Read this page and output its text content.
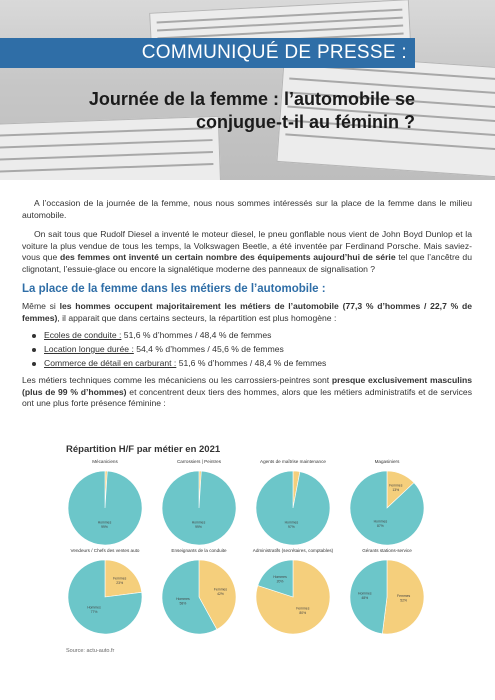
COMMUNIQUÉ DE PRESSE :
Journée de la femme : l’automobile se
conjugue-t-il au féminin ?

A l’occasion de la journée de la femme, nous nous sommes intéressés sur la place de la femme dans le milieu automobile.

On sait tous que Rudolf Diesel a inventé le moteur diesel, le pneu gonflable nous vient de John Boyd Dunlop et la voiture la plus vendue de tous les temps, la Volkswagen Beetle, a été inventée par Ferdinand Porsche. Mais saviez-vous que des femmes ont inventé un certain nombre des équipements aujourd’hui de série tel que l’ancêtre du clignotant, l’essuie-glace ou encore la signalétique moderne des panneaux de signalisation ?

La place de la femme dans les métiers de l’automobile :

Même si les hommes occupent majoritairement les métiers de l’automobile (77,3 % d’hommes / 22,7 % de femmes), il apparait que dans certains secteurs, la répartition est plus homogène :

Ecoles de conduite : 51,6 % d’hommes / 48,4 % de femmes
Location longue durée : 54,4 % d’hommes / 45,6 % de femmes
Commerce de détail en carburant : 51,6 % d’hommes / 48,4 % de femmes

Les métiers techniques comme les mécaniciens ou les carrossiers-peintres sont presque exclusivement masculins (plus de 99 % d’hommes) et concentrent deux tiers des hommes, alors que les métiers administratifs et de services ont une plus forte présence féminine :

Répartition H/F par métier en 2021
Mécaniciens
Hommes
99%
Carrossiers | Peintres
Hommes
99%
Agents de maîtrise maintenance
Hommes
97%
Magasiniers
Femmes
13%
Hommes
87%
Vendeurs / Chefs des ventes auto
Femmes
23%
Hommes
77%
Enseignants de la conduite
Femmes
42%
Hommes
58%
Administratifs (secrétaires, comptables)
Femmes
80%
Hommes
20%
Gérants stations-service
Femmes
52%
Hommes
48%
Source: actu-auto.fr
